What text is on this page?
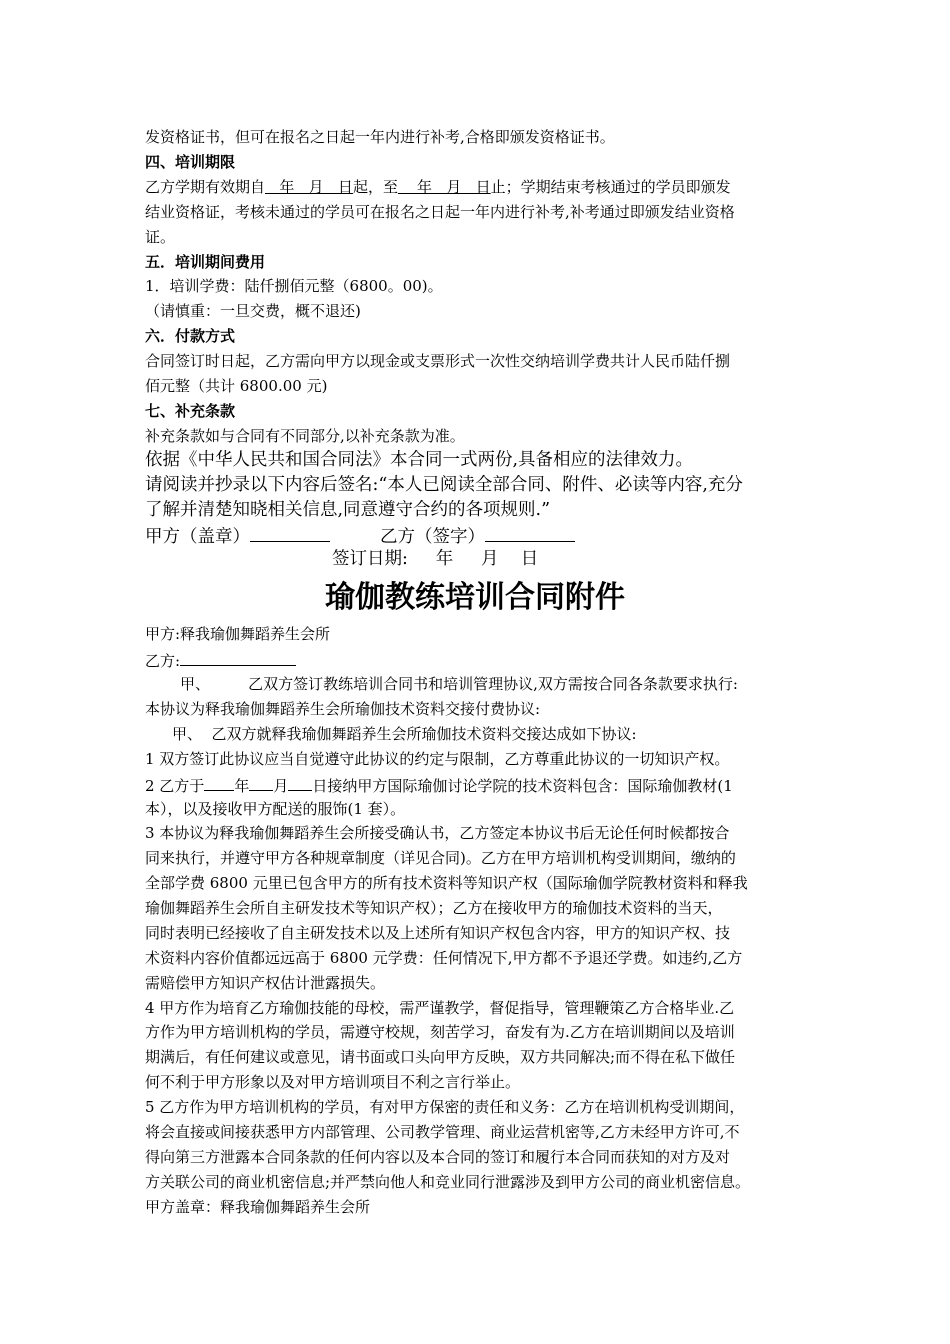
发资格证书，但可在报名之日起一年内进行补考,合格即颁发资格证书。
四、培训期限
乙方学期有效期自   年   月   日起，至    年   月   日止；学期结束考核通过的学员即颁发
结业资格证，考核未通过的学员可在报名之日起一年内进行补考,补考通过即颁发结业资格
证。
五．培训期间费用
1．培训学费：陆仟捌佰元整（6800。00)。
（请慎重：一旦交费，概不退还)
六．付款方式
合同签订时日起，乙方需向甲方以现金或支票形式一次性交纳培训学费共计人民币陆仟捌
佰元整（共计 6800.00 元)
七、补充条款
补充条款如与合同有不同部分,以补充条款为准。
依据《中华人民共和国合同法》本合同一式两份,具备相应的法律效力。
请阅读并抄录以下内容后签名:“本人已阅读全部合同、附件、必读等内容,充分
了解并清楚知晓相关信息,同意遵守合约的各项规则.”
甲方（盖章）	乙方（签字）
签订日期:     年     月    日
瑜伽教练培训合同附件
甲方:释我瑜伽舞蹈养生会所
乙方:
甲、        乙双方签订教练培训合同书和培训管理协议,双方需按合同各条款要求执行:
本协议为释我瑜伽舞蹈养生会所瑜伽技术资料交接付费协议:
甲、  乙双方就释我瑜伽舞蹈养生会所瑜伽技术资料交接达成如下协议:
1 双方签订此协议应当自觉遵守此协议的约定与限制，乙方尊重此协议的一切知识产权。
2 乙方于 年 月 日接纳甲方国际瑜伽讨论学院的技术资料包含：国际瑜伽教材(1
本），以及接收甲方配送的服饰(1 套）。
3 本协议为释我瑜伽舞蹈养生会所接受确认书，乙方签定本协议书后无论任何时候都按合
同来执行，并遵守甲方各种规章制度（详见合同)。乙方在甲方培训机构受训期间，缴纳的
全部学费 6800 元里已包含甲方的所有技术资料等知识产权（国际瑜伽学院教材资料和释我
瑜伽舞蹈养生会所自主研发技术等知识产权）；乙方在接收甲方的瑜伽技术资料的当天，
同时表明已经接收了自主研发技术以及上述所有知识产权包含内容，甲方的知识产权、技
术资料内容价值都远远高于 6800 元学费：任何情况下,甲方都不予退还学费。如违约,乙方
需赔偿甲方知识产权估计泄露损失。
4 甲方作为培育乙方瑜伽技能的母校，需严谨教学，督促指导，管理鞭策乙方合格毕业.乙
方作为甲方培训机构的学员，需遵守校规，刻苦学习，奋发有为.乙方在培训期间以及培训
期满后，有任何建议或意见，请书面或口头向甲方反映，双方共同解决;而不得在私下做任
何不利于甲方形象以及对甲方培训项目不利之言行举止。
5 乙方作为甲方培训机构的学员，有对甲方保密的责任和义务：乙方在培训机构受训期间，
将会直接或间接获悉甲方内部管理、公司教学管理、商业运营机密等,乙方未经甲方许可,不
得向第三方泄露本合同条款的任何内容以及本合同的签订和履行本合同而获知的对方及对
方关联公司的商业机密信息;并严禁向他人和竞业同行泄露涉及到甲方公司的商业机密信息。
甲方盖章：释我瑜伽舞蹈养生会所
